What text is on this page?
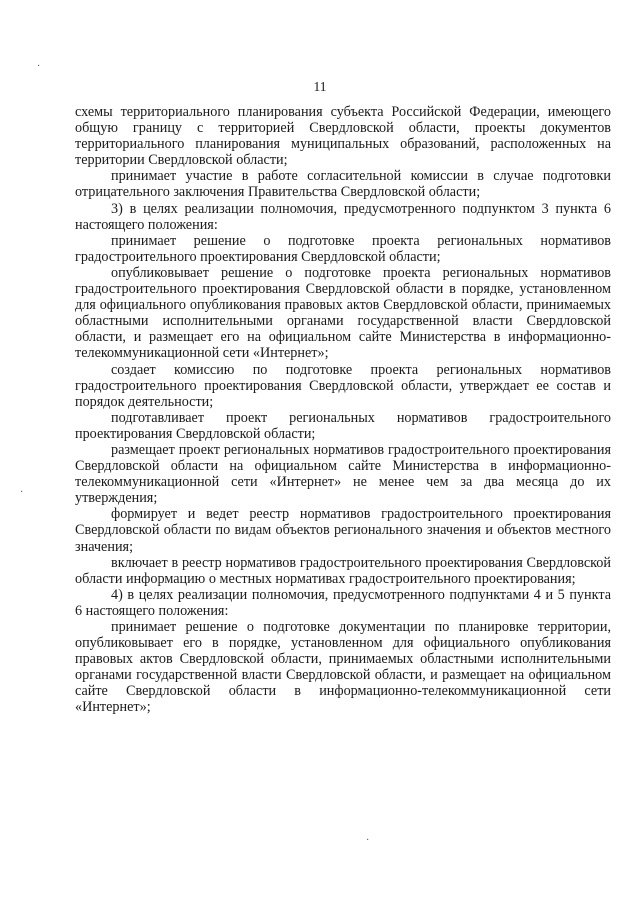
11

схемы территориального планирования субъекта Российской Федерации, имеющего общую границу с территорией Свердловской области, проекты документов территориального планирования муниципальных образований, расположенных на территории Свердловской области;

принимает участие в работе согласительной комиссии в случае подготовки отрицательного заключения Правительства Свердловской области;

3) в целях реализации полномочия, предусмотренного подпунктом 3 пункта 6 настоящего положения:

принимает решение о подготовке проекта региональных нормативов градостроительного проектирования Свердловской области;

опубликовывает решение о подготовке проекта региональных нормативов градостроительного проектирования Свердловской области в порядке, установленном для официального опубликования правовых актов Свердловской области, принимаемых областными исполнительными органами государственной власти Свердловской области, и размещает его на официальном сайте Министерства в информационно-телекоммуникационной сети «Интернет»;

создает комиссию по подготовке проекта региональных нормативов градостроительного проектирования Свердловской области, утверждает ее состав и порядок деятельности;

подготавливает проект региональных нормативов градостроительного проектирования Свердловской области;

размещает проект региональных нормативов градостроительного проектирования Свердловской области на официальном сайте Министерства в информационно-телекоммуникационной сети «Интернет» не менее чем за два месяца до их утверждения;

формирует и ведет реестр нормативов градостроительного проектирования Свердловской области по видам объектов регионального значения и объектов местного значения;

включает в реестр нормативов градостроительного проектирования Свердловской области информацию о местных нормативах градостроительного проектирования;

4) в целях реализации полномочия, предусмотренного подпунктами 4 и 5 пункта 6 настоящего положения:

принимает решение о подготовке документации по планировке территории, опубликовывает его в порядке, установленном для официального опубликования правовых актов Свердловской области, принимаемых областными исполнительными органами государственной власти Свердловской области, и размещает на официальном сайте Свердловской области в информационно-телекоммуникационной сети «Интернет»;

·
·
·
